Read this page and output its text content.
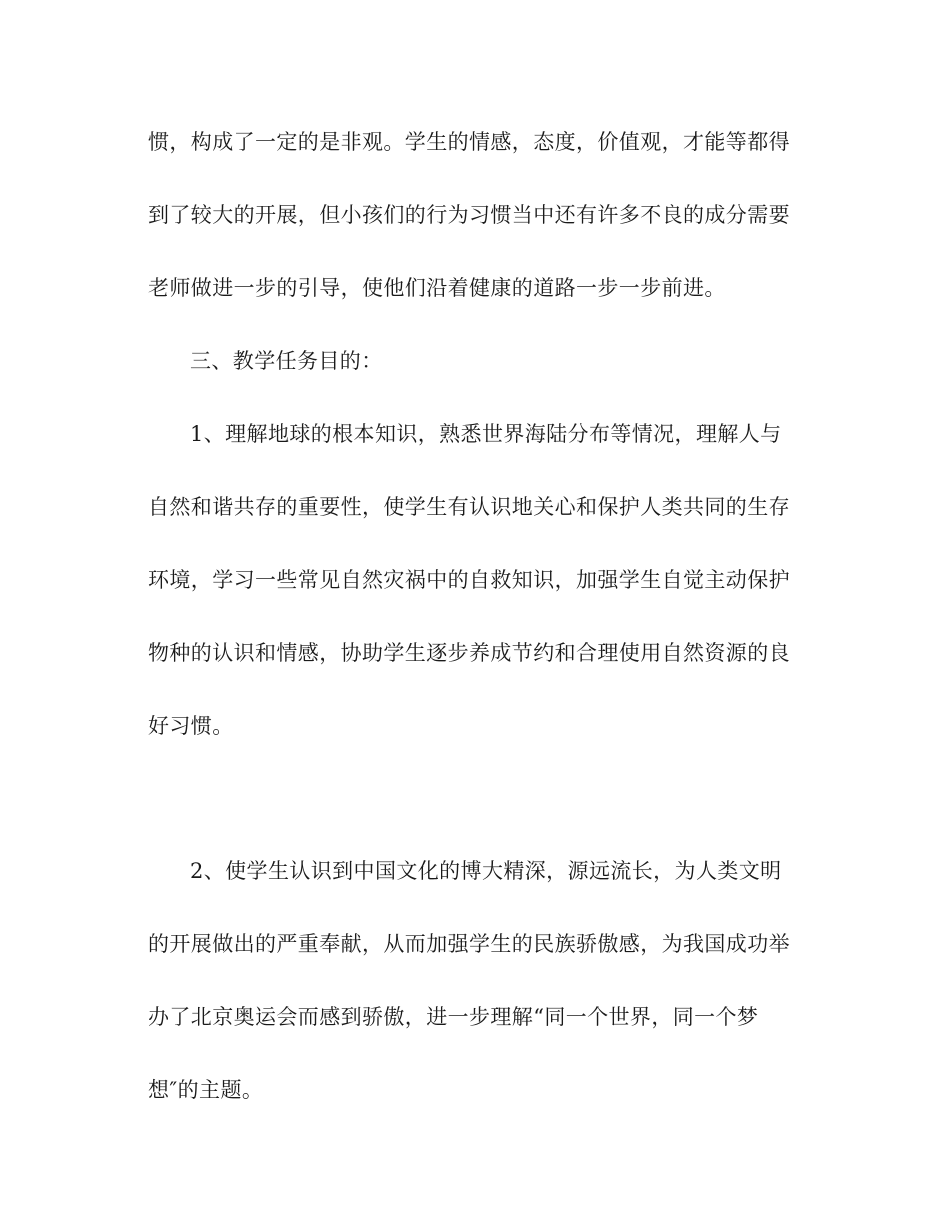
惯，构成了一定的是非观。学生的情感，态度，价值观，才能等都得
到了较大的开展，但小孩们的行为习惯当中还有许多不良的成分需要
老师做进一步的引导，使他们沿着健康的道路一步一步前进。
三、教学任务目的：
1、理解地球的根本知识，熟悉世界海陆分布等情况，理解人与
自然和谐共存的重要性，使学生有认识地关心和保护人类共同的生存
环境，学习一些常见自然灾祸中的自救知识，加强学生自觉主动保护
物种的认识和情感，协助学生逐步养成节约和合理使用自然资源的良
好习惯。
2、使学生认识到中国文化的博大精深，源远流长，为人类文明
的开展做出的严重奉献，从而加强学生的民族骄傲感，为我国成功举
办了北京奥运会而感到骄傲，进一步理解“同一个世界，同一个梦
想″的主题。
